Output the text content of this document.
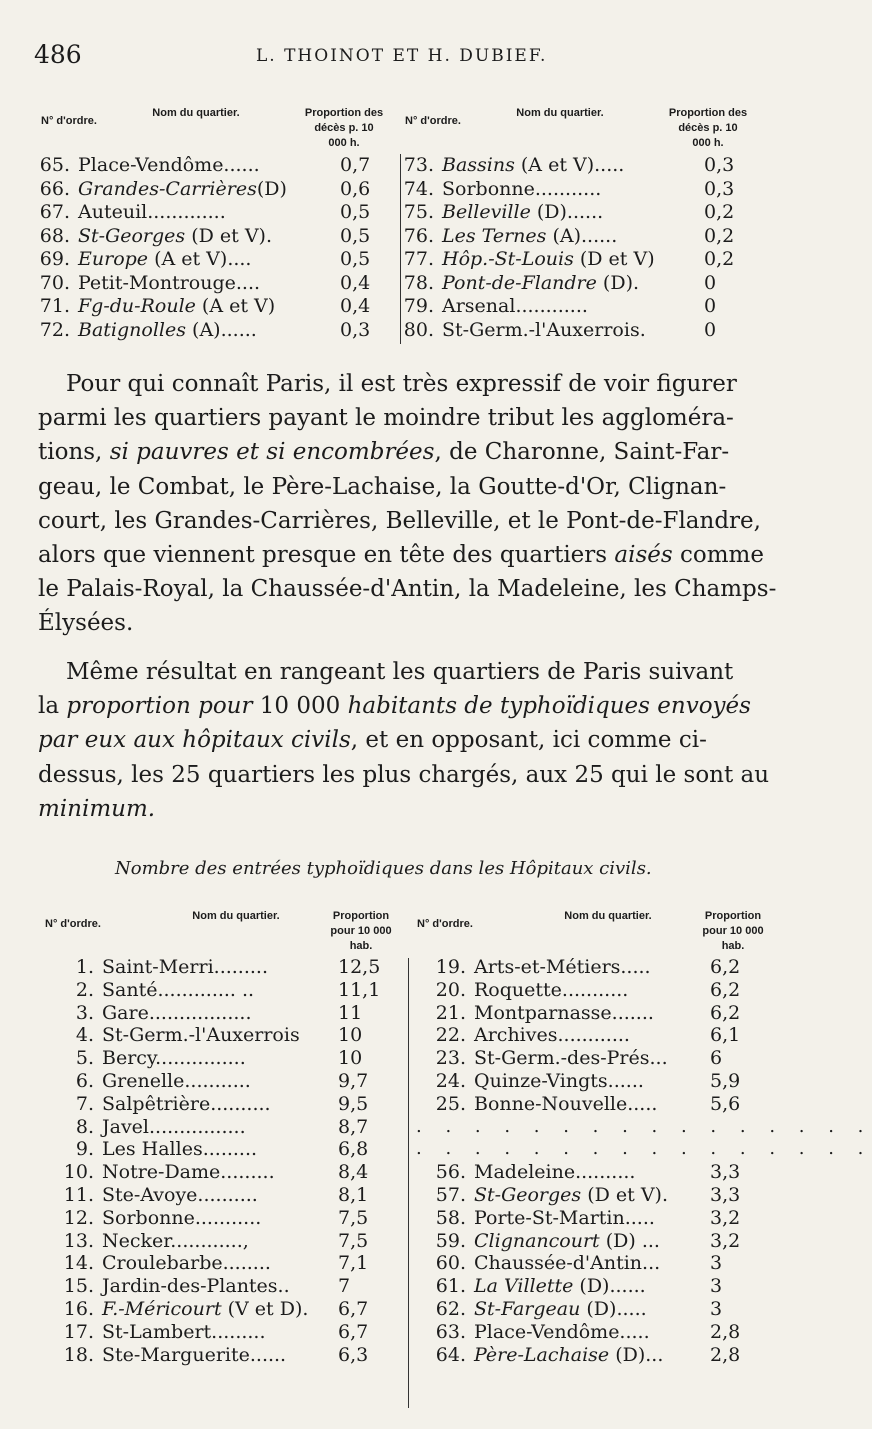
486	L. THOINOT ET H. DUBIEF.
N° d'ordre.
Nom du quartier.	Proportion des décès p. 10 000 h.
N° d'ordre.
Nom du quartier.	Proportion des décès p. 10 000 h.
65. Place-Vendôme......	0,7
66. Grandes-Carrières(D)	0,6
67. Auteuil.............	0,5
68. St-Georges (D et V).	0,5
69. Europe (A et V)....	0,5
70. Petit-Montrouge....	0,4
71. Fg-du-Roule (A et V)	0,4
72. Batignolles (A)......	0,3
73. Bassins (A et V).....	0,3
74. Sorbonne...........	0,3
75. Belleville (D)......	0,2
76. Les Ternes (A)......	0,2
77. Hôp.-St-Louis (D et V)	0,2
78. Pont-de-Flandre (D).	0
79. Arsenal............	0
80. St-Germ.-l'Auxerrois.	0
Pour qui connaît Paris, il est très expressif de voir figurer
parmi les quartiers payant le moindre tribut les aggloméra-
tions, si pauvres et si encombrées, de Charonne, Saint-Far-
geau, le Combat, le Père-Lachaise, la Goutte-d'Or, Clignan-
court, les Grandes-Carrières, Belleville, et le Pont-de-Flandre,
alors que viennent presque en tête des quartiers aisés comme
le Palais-Royal, la Chaussée-d'Antin, la Madeleine, les Champs-
Élysées.
Même résultat en rangeant les quartiers de Paris suivant
la proportion pour 10 000 habitants de typhoïdiques envoyés
par eux aux hôpitaux civils, et en opposant, ici comme ci-
dessus, les 25 quartiers les plus chargés, aux 25 qui le sont au
minimum.
Nombre des entrées typhoïdiques dans les Hôpitaux civils.
N° d'ordre.
Nom du quartier.	Proportion pour 10 000 hab.
N° d'ordre.
Nom du quartier.	Proportion pour 10 000 hab.
1. Saint-Merri.........	12,5
2. Santé............. ..	11,1
3. Gare.................	11
4. St-Germ.-l'Auxerrois 10
5. Bercy...............	10
6. Grenelle...........	9,7
7. Salpêtrière..........	9,5
8. Javel................	8,7
9. Les Halles.........	6,8
10. Notre-Dame.........	8,4
11. Ste-Avoye..........	8,1
12. Sorbonne...........	7,5
13. Necker............,	7,5
14. Croulebarbe........	7,1
15. Jardin-des-Plantes..	7
16. F.-Méricourt (V et D). 6,7
17. St-Lambert.........	6,7
18. Ste-Marguerite......	6,3
19. Arts-et-Métiers.....	6,2
20. Roquette...........	6,2
21. Montparnasse.......	6,2
22. Archives............	6,1
23. St-Germ.-des-Prés... 6
24. Quinze-Vingts......	5,9
25. Bonne-Nouvelle.....	5,6
56. Madeleine..........	3,3
57. St-Georges (D et V). 3,3
58. Porte-St-Martin.....	3,2
59. Clignancourt (D) ...	3,2
60. Chaussée-d'Antin...	3
61. La Villette (D)......	3
62. St-Fargeau (D).....	3
63. Place-Vendôme.....	2,8
64. Père-Lachaise (D)... 2,8
. . . . . . . . . . . . . . . .
. . . . . . . . . . . . . . . .
